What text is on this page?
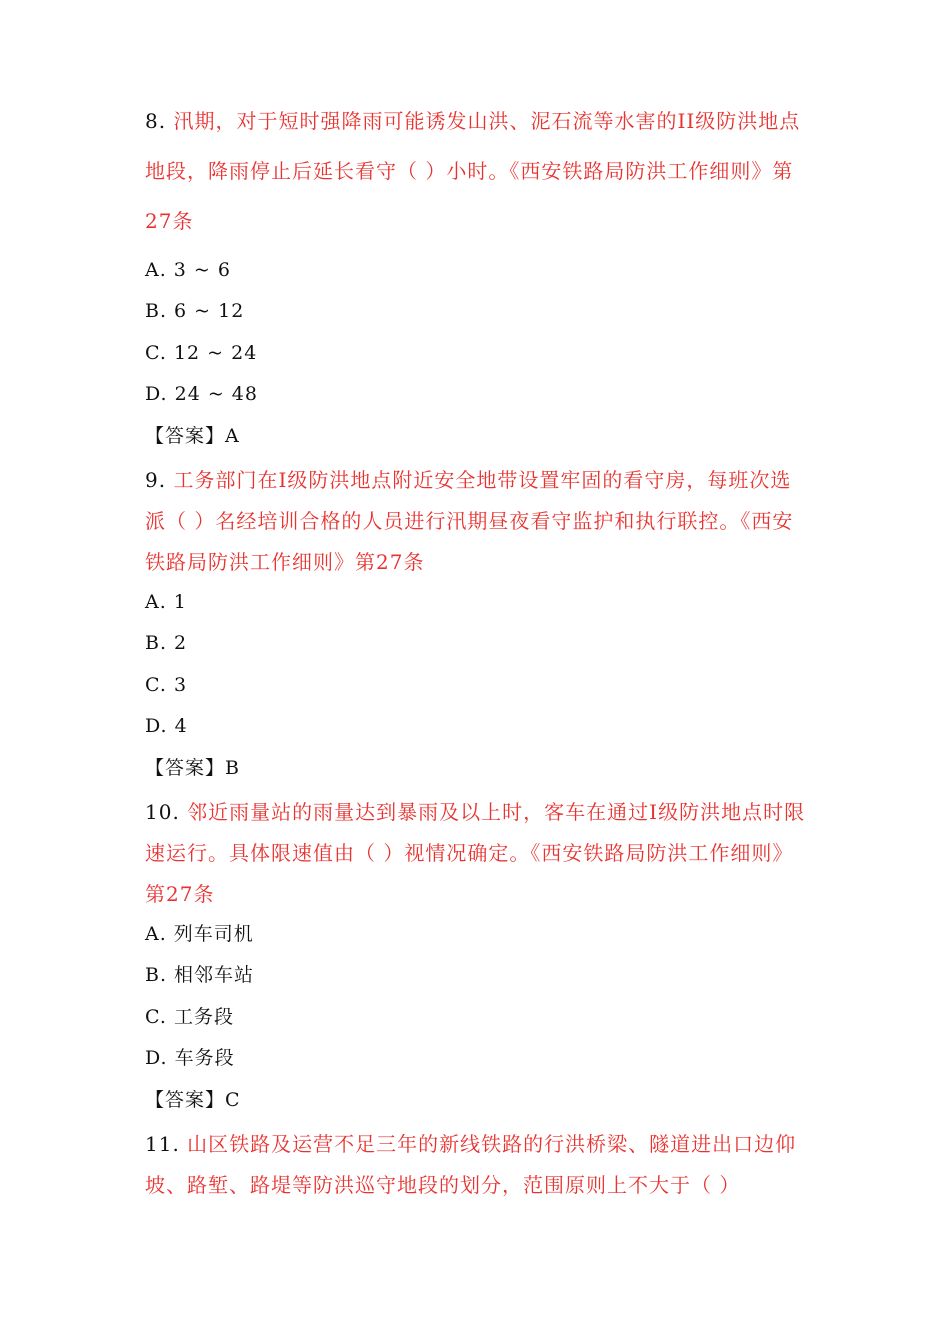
8. 汛期，对于短时强降雨可能诱发山洪、泥石流等水害的II级防洪地点地段，降雨停止后延长看守（ ）小时。《西安铁路局防洪工作细则》第27条
A. 3 ~ 6
B. 6 ~ 12
C. 12 ~ 24
D. 24 ~ 48
【答案】A
9. 工务部门在I级防洪地点附近安全地带设置牢固的看守房，每班次选派（ ）名经培训合格的人员进行汛期昼夜看守监护和执行联控。《西安铁路局防洪工作细则》第27条
A. 1
B. 2
C. 3
D. 4
【答案】B
10. 邻近雨量站的雨量达到暴雨及以上时，客车在通过I级防洪地点时限速运行。具体限速值由（ ）视情况确定。《西安铁路局防洪工作细则》第27条
A. 列车司机
B. 相邻车站
C. 工务段
D. 车务段
【答案】C
11. 山区铁路及运营不足三年的新线铁路的行洪桥梁、隧道进出口边仰坡、路堑、路堤等防洪巡守地段的划分，范围原则上不大于（ ）
